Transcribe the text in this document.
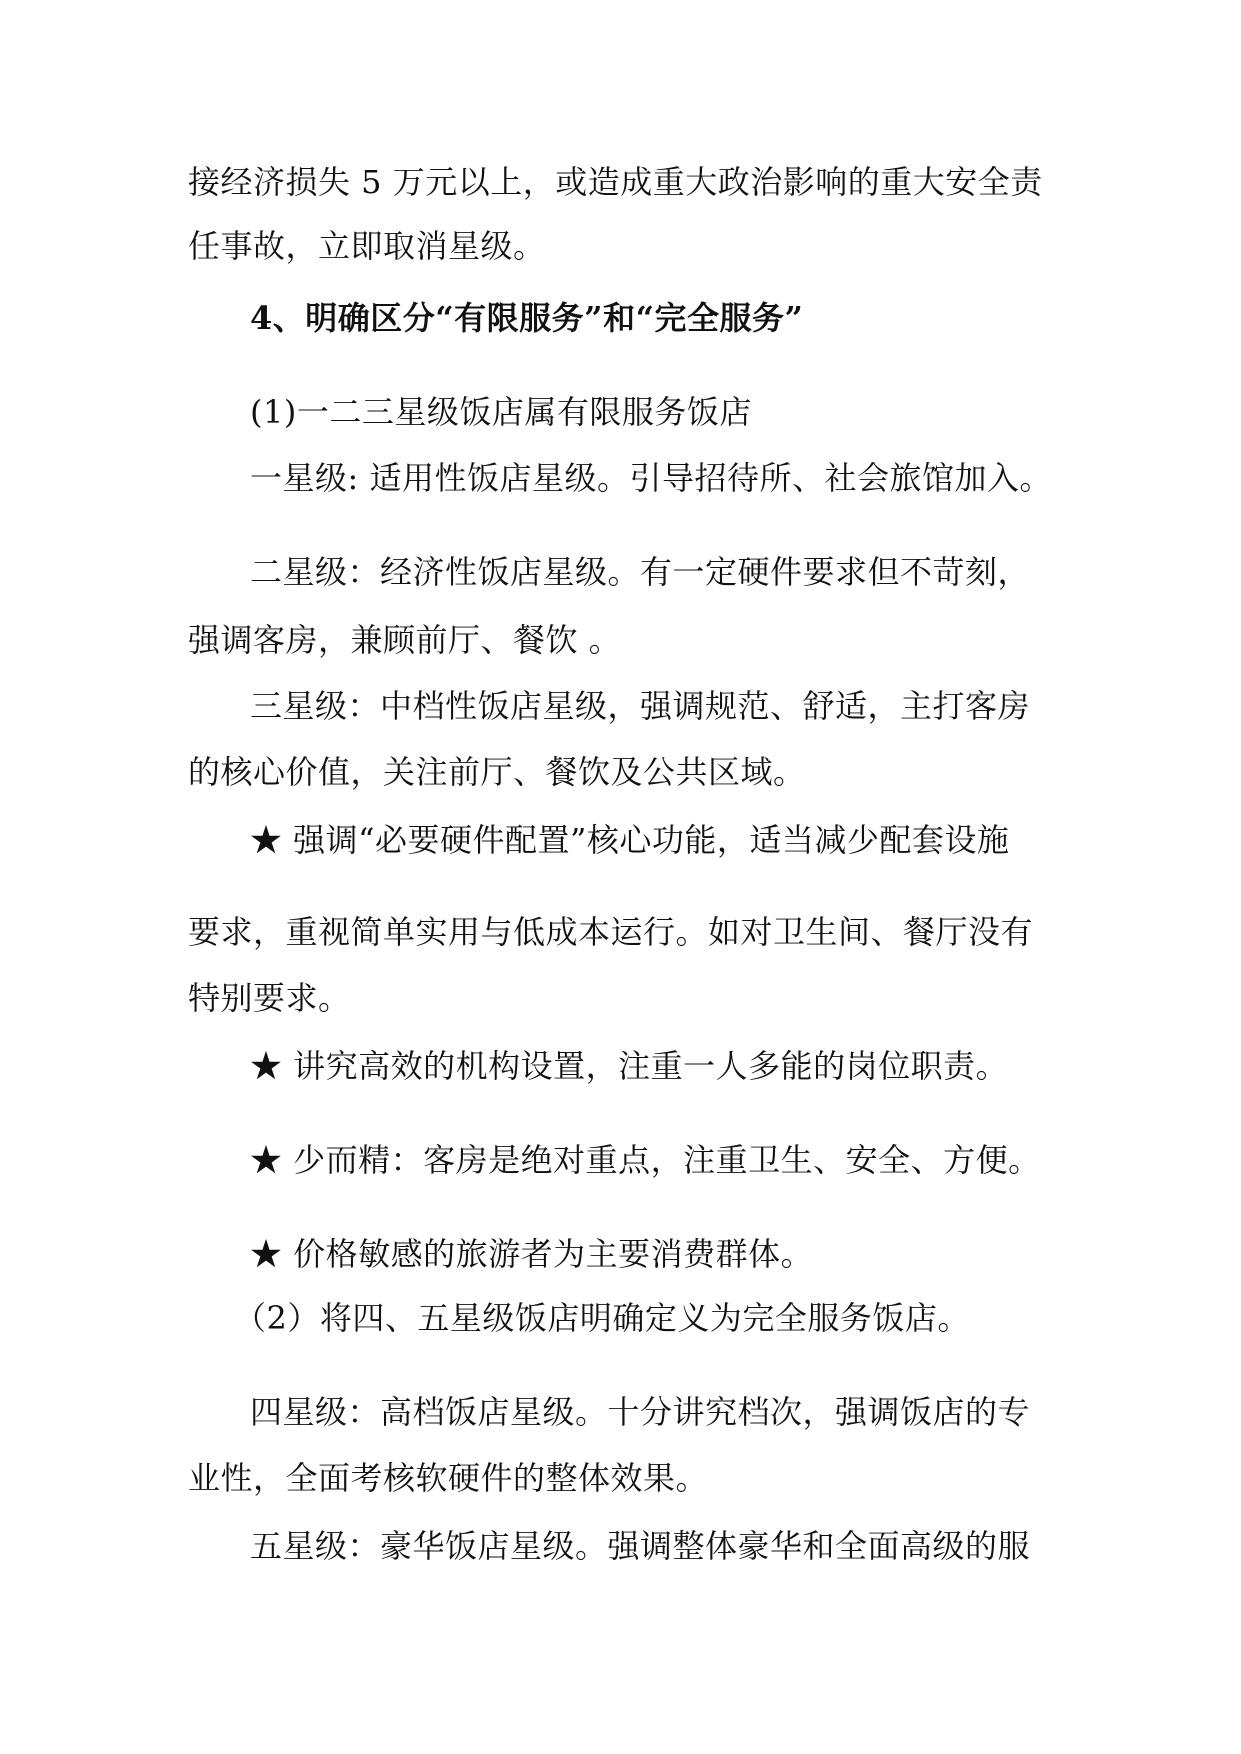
接经济损失 5 万元以上，或造成重大政治影响的重大安全责
任事故，立即取消星级。
4、明确区分“有限服务”和“完全服务”
(1)一二三星级饭店属有限服务饭店
一星级: 适用性饭店星级。引导招待所、社会旅馆加入。
二星级：经济性饭店星级。有一定硬件要求但不苛刻，
强调客房，兼顾前厅、餐饮 。
三星级：中档性饭店星级，强调规范、舒适，主打客房
的核心价值，关注前厅、餐饮及公共区域。
★ 强调“必要硬件配置”核心功能，适当减少配套设施
要求，重视简单实用与低成本运行。如对卫生间、餐厅没有
特别要求。
★ 讲究高效的机构设置，注重一人多能的岗位职责。
★ 少而精：客房是绝对重点，注重卫生、安全、方便。
★ 价格敏感的旅游者为主要消费群体。
（2）将四、五星级饭店明确定义为完全服务饭店。
四星级：高档饭店星级。十分讲究档次，强调饭店的专
业性，全面考核软硬件的整体效果。
五星级：豪华饭店星级。强调整体豪华和全面高级的服
